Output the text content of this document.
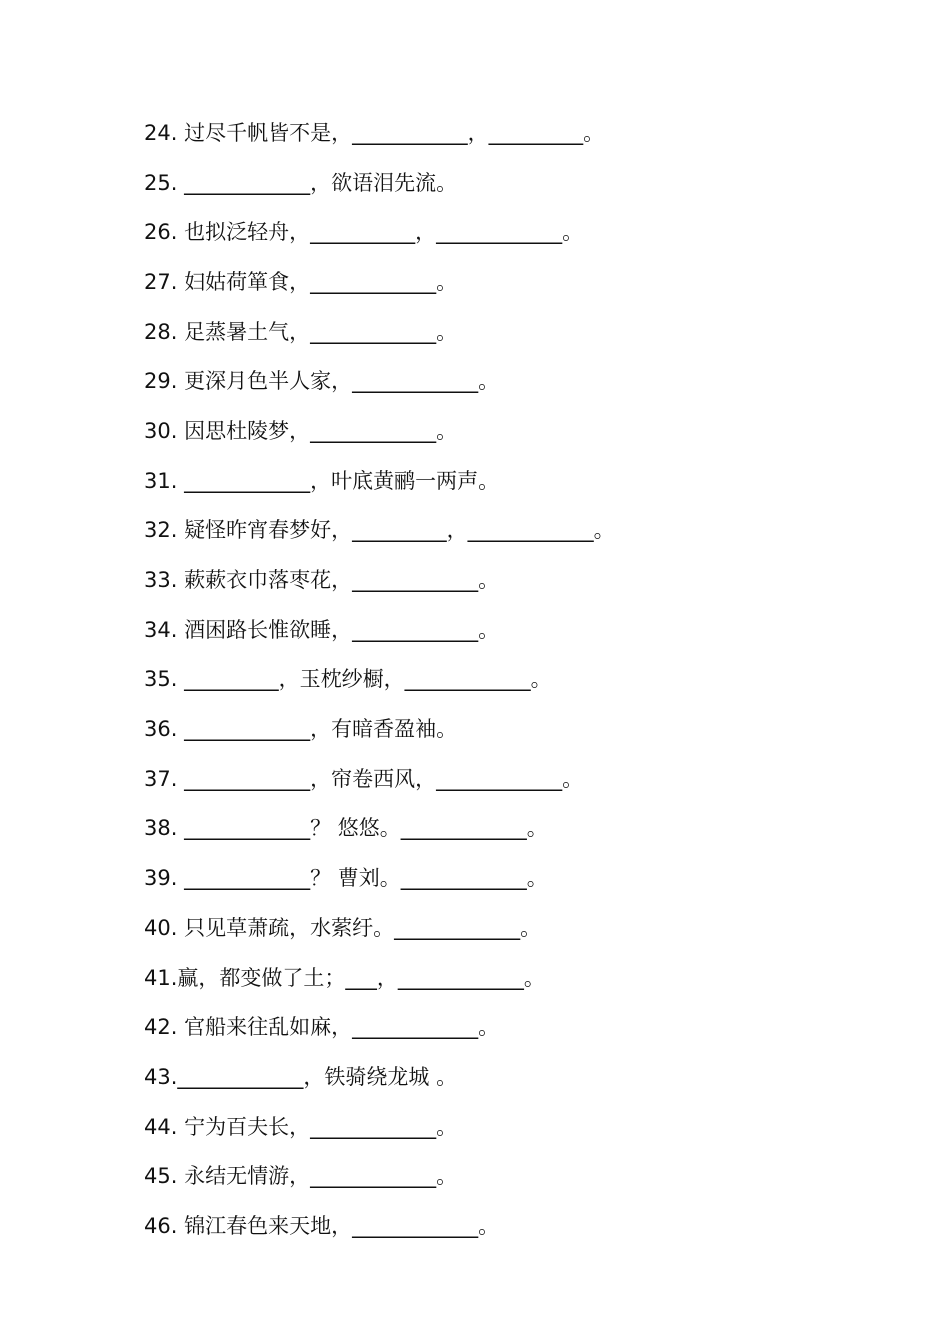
24. 过尽千帆皆不是，___________，_________。
25. ____________，欲语泪先流。
26. 也拟泛轻舟，__________，____________。
27. 妇姑荷箪食，____________。
28. 足蒸暑土气，____________。
29. 更深月色半人家，____________。
30. 因思杜陵梦，____________。
31. ____________，叶底黄鹂一两声。
32. 疑怪昨宵春梦好，_________，____________。
33. 蔌蔌衣巾落枣花，____________。
34. 酒困路长惟欲睡，____________。
35. _________，玉枕纱橱，____________。
36. ____________，有暗香盈袖。
37. ____________，帘卷西风，____________。
38. ____________？ 悠悠。____________。
39. ____________？ 曹刘。____________。
40. 只见草萧疏，水萦纡。____________。
41.赢，都变做了土；___，____________。
42. 官船来往乱如麻，____________。
43.____________，铁骑绕龙城 。
44. 宁为百夫长，____________。
45. 永结无情游，____________。
46. 锦江春色来天地，____________。
